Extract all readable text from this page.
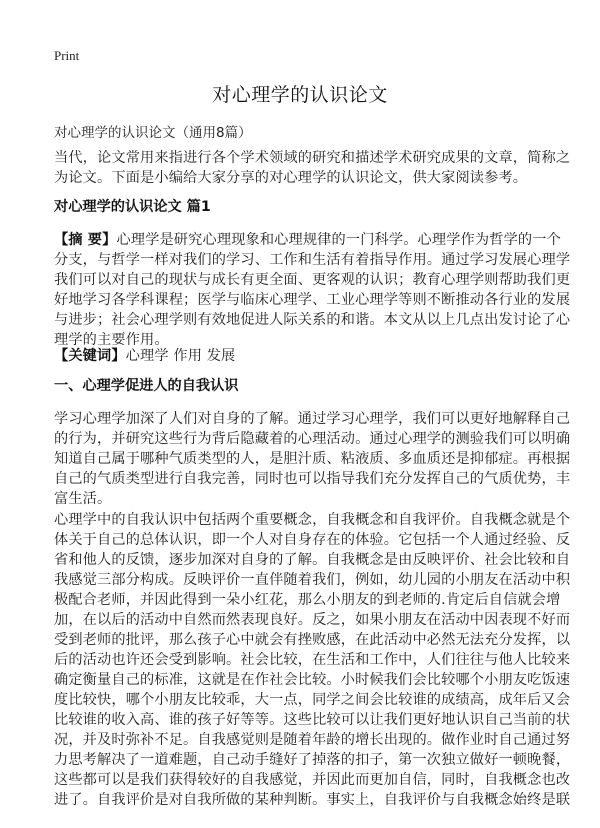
Print
对心理学的认识论文
对心理学的认识论文（通用8篇）
当代，论文常用来指进行各个学术领域的研究和描述学术研究成果的文章，简称之
为论文。下面是小编给大家分享的对心理学的认识论文，供大家阅读参考。
对心理学的认识论文 篇1
【摘 要】心理学是研究心理现象和心理规律的一门科学。心理学作为哲学的一个
分支，与哲学一样对我们的学习、工作和生活有着指导作用。通过学习发展心理学
我们可以对自己的现状与成长有更全面、更客观的认识；教育心理学则帮助我们更
好地学习各学科课程；医学与临床心理学、工业心理学等则不断推动各行业的发展
与进步；社会心理学则有效地促进人际关系的和谐。本文从以上几点出发讨论了心
理学的主要作用。
【关键词】心理学 作用 发展
一、心理学促进人的自我认识
学习心理学加深了人们对自身的了解。通过学习心理学，我们可以更好地解释自己
的行为，并研究这些行为背后隐藏着的心理活动。通过心理学的测验我们可以明确
知道自己属于哪种气质类型的人，是胆汁质、粘液质、多血质还是抑郁症。再根据
自己的气质类型进行自我完善，同时也可以指导我们充分发挥自己的气质优势，丰
富生活。
心理学中的自我认识中包括两个重要概念，自我概念和自我评价。自我概念就是个
体关于自己的总体认识，即一个人对自身存在的体验。它包括一个人通过经验、反
省和他人的反馈，逐步加深对自身的了解。自我概念是由反映评价、社会比较和自
我感觉三部分构成。反映评价一直伴随着我们，例如，幼儿园的小朋友在活动中积
极配合老师，并因此得到一朵小红花，那么小朋友的到老师的.肯定后自信就会增
加，在以后的活动中自然而然表现良好。反之，如果小朋友在活动中因表现不好而
受到老师的批评，那么孩子心中就会有挫败感，在此活动中必然无法充分发挥，以
后的活动也许还会受到影响。社会比较，在生活和工作中，人们往往与他人比较来
确定衡量自己的标准，这就是在作社会比较。小时候我们会比较哪个小朋友吃饭速
度比较快，哪个小朋友比较乖，大一点，同学之间会比较谁的成绩高，成年后又会
比较谁的收入高、谁的孩子好等等。这些比较可以让我们更好地认识自己当前的状
况，并及时弥补不足。自我感觉则是随着年龄的增长出现的。做作业时自己通过努
力思考解决了一道难题，自己动手缝好了掉落的扣子，第一次独立做好一顿晚餐，
这些都可以是我们获得较好的自我感觉，并因此而更加自信，同时，自我概念也改
进了。自我评价是对自我所做的某种判断。事实上，自我评价与自我概念始终是联
